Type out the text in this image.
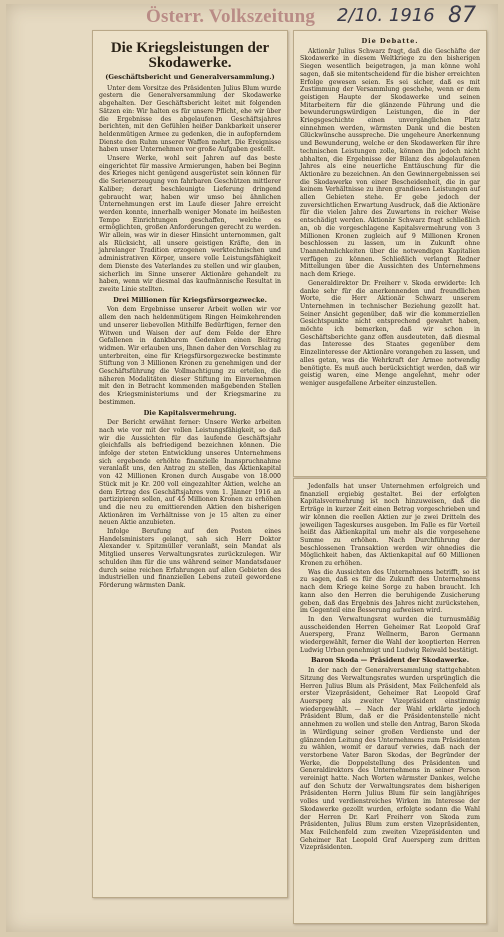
Österr. Volkszeitung 2/10. 1916 87
Die Kriegsleistungen der Skodawerke.
(Geschäftsbericht und Generalversammlung.)

Unter dem Vorsitze des Präsidenten Julius Blum wurde gestern die Generalversammlung der Skodawerke abgehalten. Der Geschäftsbericht leitet mit folgenden Sätzen ein: Wir halten es für unsere Pflicht, ehe wir über die Ergebnisse des abgelaufenen Geschäftsjahres berichten, mit den Gefühlen heißer Dankbarkeit unserer heldenmütigen Armee zu gedenken, die in aufopferndem Dienste den Ruhm unserer Waffen mehrt. Die Ereignisse haben unser Unternehmen vor große Aufgaben gestellt.

Unsere Werke, wohl seit Jahren auf das beste eingerichtet für massive Armierungen, haben bei Beginn des Krieges nicht genügend ausgerüstet sein können für die Serienerzeugung von fahrbaren Geschützen mittlerer Kaliber; derart beschleunigte Lieferung dringend gebraucht war, haben wir umso bei ähnlichen Unternehmungen erst im Laufe dieser Jahre erreicht werden konnte, innerhalb weniger Monate im heißesten Tempo Einrichtungen geschaffen, welche es ermöglichten, großen Anforderungen gerecht zu werden. Wir allein, was wir in dieser Hinsicht unternommen, galt als Rücksicht, all unsere geistigen Kräfte, den in jahrelanger Tradition erzogenen werktechnischen und administrativen Körper, unsere volle Leistungsfähigkeit dem Dienste des Vaterlandes zu stellen und wir glauben, sicherlich im Sinne unserer Aktionäre gehandelt zu haben, wenn wir diesmal das kaufmännische Resultat in zweite Linie stellten.

Drei Millionen für Kriegsfürsorgezwecke.

Von dem Ergebnisse unserer Arbeit wollen wir vor allem den nach heldenmütigem Ringen Heimkehrenden und unserer liebevollen Mithilfe Bedürftigen, ferner den Witwen und Waisen der auf dem Felde der Ehre Gefallenen in dankbarem Gedenken einen Beitrag widmen. Wir erlauben uns, Ihnen daher den Vorschlag zu unterbreiten, eine für Kriegsfürsorgezwecke bestimmte Stiftung von 3 Millionen Kronen zu genehmigen und der Geschäftsführung die Vollmachtigung zu erteilen, die näheren Modalitäten dieser Stiftung im Einvernehmen mit den in Betracht kommenden maßgebenden Stellen des Kriegsministeriums und der Kriegsmarine zu bestimmen.

Die Kapitalsvermehrung.

Der Bericht erwähnt ferner: Unsere Werke arbeiten nach wie vor mit der vollen Leistungsfähigkeit, so daß wir die Aussichten für das laufende Geschäftsjahr gleichfalls als befriedigend bezeichnen können. Die infolge der steten Entwicklung unseres Unternehmens sich ergebende erhöhte finanzielle Inanspruchnahme veranlaßt uns, den Antrag zu stellen, das Aktienkapital von 42 Millionen Kronen durch Ausgabe von 18.000 Stück mit je Kr. 200 voll eingezahlter Aktien, welche an dem Ertrag des Geschäftsjahres vom 1. Jänner 1916 an partizipieren sollen, auf 45 Millionen Kronen zu erhöhen und die neu zu emittierenden Aktien den bisherigen Aktionären im Verhältnisse von je 15 alten zu einer neuen Aktie anzubieten.

Infolge Berufung auf den Posten eines Handelsministers gelangt, sah sich Herr Doktor Alexander v. Spitzmüller veranlaßt, sein Mandat als Mitglied unseres Verwaltungsrates zurückzulegen. Wir schulden ihm für die uns während seiner Mandatsdauer durch seine reichen Erfahrungen auf allen Gebieten des industriellen und finanziellen Lebens zuteil gewordene Förderung wärmsten Dank.

Die Debatte.

Aktionär Julius Schwarz fragt, daß die Geschäfte der Skodawerke in diesem Weltkriege zu den bisherigen Siegen wesentlich beigetragen, ja man könne wohl sagen, daß sie mitentscheidend für die bisher erreichten Erfolge gewesen seien. Es sei sicher, daß es mit Zustimmung der Versammlung geschehe, wenn er dem geistigen Haupte der Skodawerke und seinen Mitarbeitern für die glänzende Führung und die bewunderungswürdigen Leistungen, die in der Kriegsgeschichte einen unvergänglichen Platz einnehmen werden, wärmsten Dank und die besten Glückwünsche ausspreche. Die ungeheure Anerkennung und Bewunderung, welche er den Skodawerken für ihre technischen Leistungen zolle, können ihn jedoch nicht abhalten, die Ergebnisse der Bilanz des abgelaufenen Jahres als eine neuerliche Enttäuschung für die Aktionäre zu bezeichnen. An den Gewinnergebnissen sei die Skodawerke von einer Bescheidenheit, die in gar keinem Verhältnisse zu ihren grandiosen Leistungen auf allen Gebieten stehe. Er gebe jedoch der zuversichtlichen Erwartung Ausdruck, daß die Aktionäre für die vielen Jahre des Zuwartens in reicher Weise entschädigt werden. Aktionär Schwarz fragt schließlich an, ob die vorgeschlagene Kapitalsvermehrung von 3 Millionen Kronen zugleich auf 9 Millionen Kronen beschlossen zu lassen, um in Zukunft ohne Unannehmlichkeiten über die notwendigen Kapitalien verfügen zu können. Schließlich verlangt Redner Mitteilungen über die Aussichten des Unternehmens nach dem Kriege.

Generaldirektor Dr. Freiherr v. Skoda erwiderte: Ich danke sehr für die anerkennenden und freundlichen Worte, die Herr Aktionär Schwarz unserem Unternehmen in technischer Beziehung gezollt hat. Seiner Ansicht gegenüber, daß wir die kommerziellen Gesichtspunkte nicht entsprechend gewahrt haben, möchte ich bemerken, daß wir schon in Geschäftsberichte ganz offen ausdeuteten, daß diesmal das Interesse des Staates gegenüber dem Einzelinteresse der Aktionäre vorangehen zu lassen, und alles getan, was die Wehrkraft der Armee notwendig benötigte. Es muß auch berücksichtigt werden, daß wir geistig waren, eine Menge angelehnt, mehr oder weniger ausgefallene Arbeiter einzustellen.

Jedenfalls hat unser Unternehmen erfolgreich und finanziell ergiebig gestaltet. Bei der erfolgten Kapitalsvermehrung ist noch hinzuweisen, daß die Erträge in kurzer Zeit einen Betrag vorgeschrieben und wir können die reellen Aktien zur je zwei Dritteln des jeweiligen Tageskurses ausgeben. Im Falle es für Vorteil heißt das Aktienkapital um mehr als die vorgesehene Summe zu erhöhen. Nach Durchführung der beschlossenen Transaktion werden wir ohnedies die Möglichkeit haben, das Aktienkapital auf 60 Millionen Kronen zu erhöhen.

Was die Aussichten des Unternehmens betrifft, so ist zu sagen, daß es für die Zukunft des Unternehmens nach dem Kriege keine Sorge zu haben braucht. Ich kann also den Herren die beruhigende Zusicherung geben, daß das Ergebnis des Jahres nicht zurückstehen, im Gegenteil eine Besserung aufweisen wird.

In den Verwaltungsrat wurden die turnusmäßig ausscheidenden Herren Geheimer Rat Leopold Graf Auersperg, Franz Wellnerm, Baron Germann wiedergewählt, ferner die Wahl der kooptierten Herren Ludwig Urban genehmigt und Ludwig Reiwald bestätigt.

Baron Skoda — Präsident der Skodawerke.

In der nach der Generalversammlung stattgehabten Sitzung des Verwaltungsrates wurden ursprünglich die Herren Julius Blum als Präsident, Max Feilchenfeld als erster Vizepräsident, Geheimer Rat Leopold Graf Auersperg als zweiter Vizepräsident einstimmig wiedergewählt. — Nach der Wahl erklärte jedoch Präsident Blum, daß er die Präsidentenstelle nicht annehmen zu wollen und stelle den Antrag, Baron Skoda in Würdigung seiner großen Verdienste und der glänzenden Leitung des Unternehmens zum Präsidenten zu wählen, womit er darauf verwies, daß nach der verstorbene Vater Baron Skodas, der Begründer der Werke, die Doppelstellung des Präsidenten und Generaldirektors des Unternehmens in seiner Person vereinigt hatte. Nach Worten wärmster Dankes, welche auf den Schutz der Verwaltungsrates dem bisherigen Präsidenten Herrn Julius Blum für sein langjähriges volles und verdienstreiches Wirken im Interesse der Skodawerke gezollt wurden, erfolgte sodann die Wahl der Herren Dr. Karl Freiherr von Skoda zum Präsidenten, Julius Blum zum ersten Vizepräsidenten, Max Feilchenfeld zum zweiten Vizepräsidenten und Geheimer Rat Leopold Graf Auersperg zum dritten Vizepräsidenten.
